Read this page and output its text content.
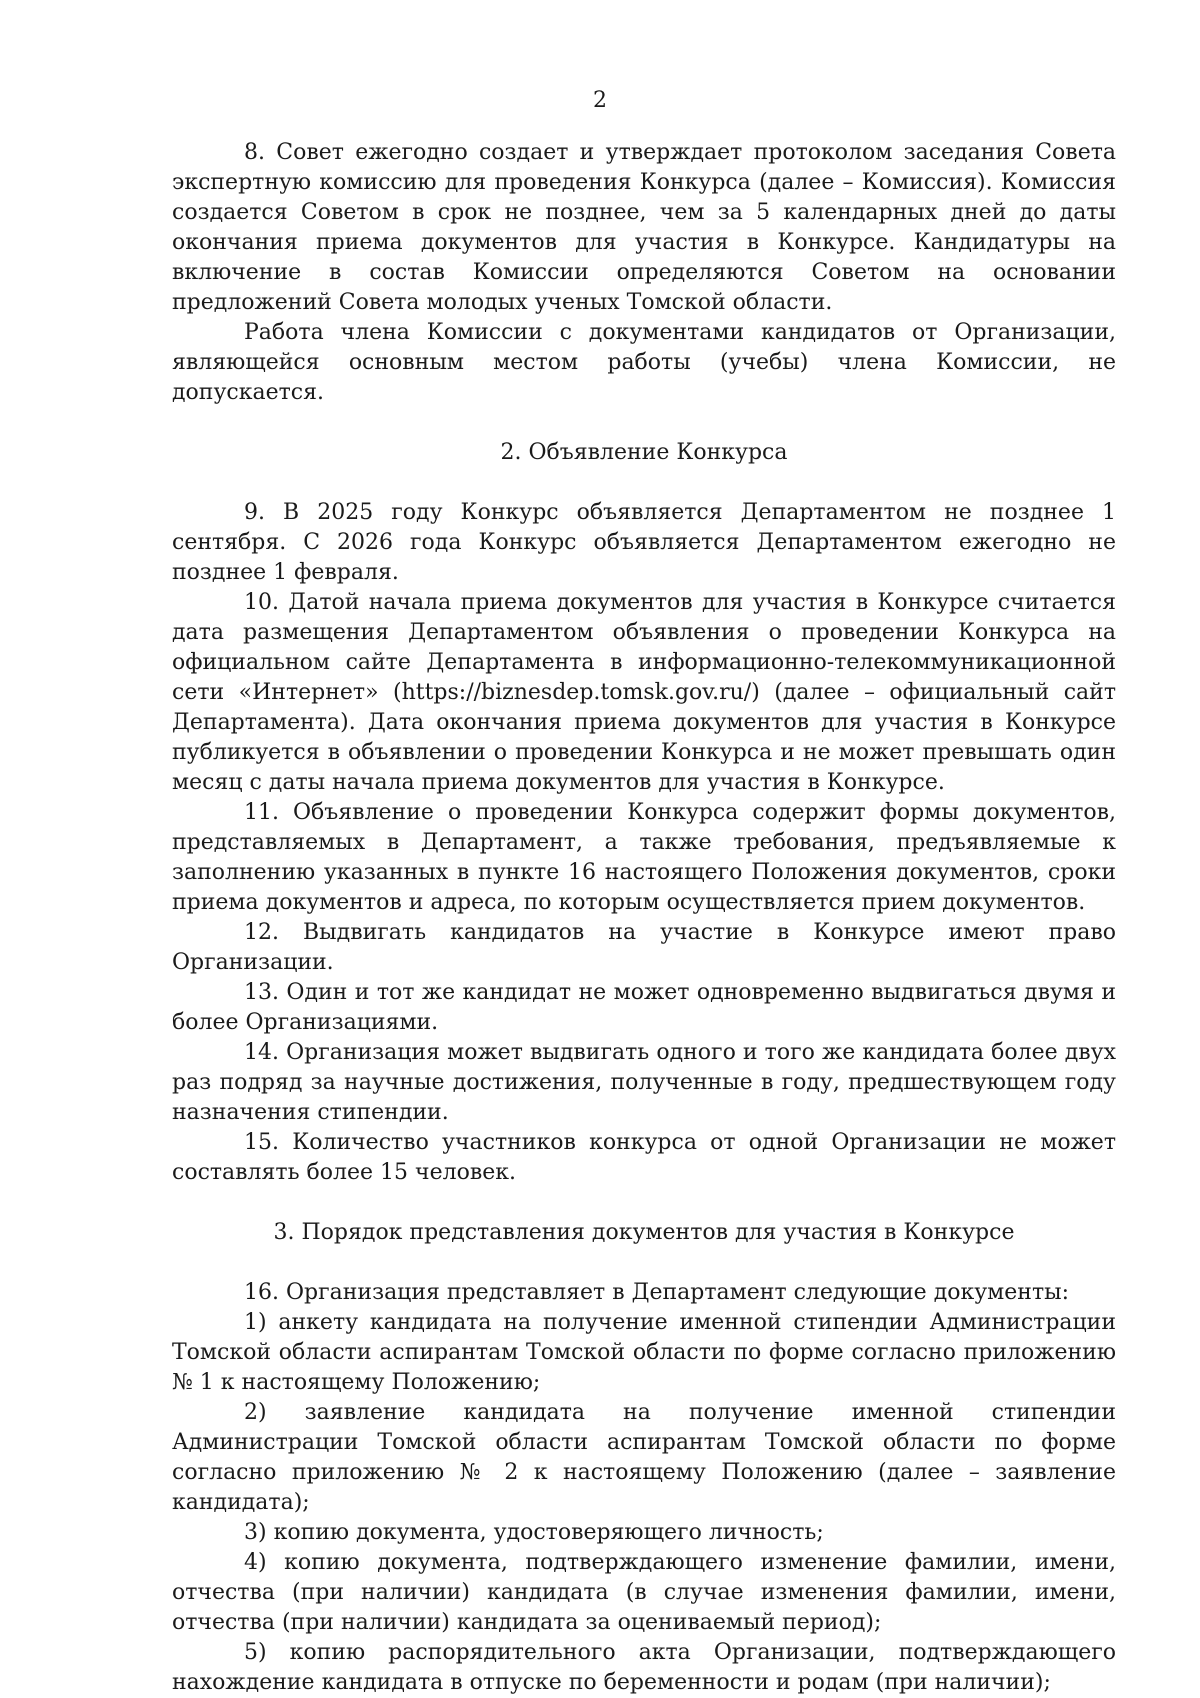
2

8. Совет ежегодно создает и утверждает протоколом заседания Совета экспертную комиссию для проведения Конкурса (далее – Комиссия). Комиссия создается Советом в срок не позднее, чем за 5 календарных дней до даты окончания приема документов для участия в Конкурсе. Кандидатуры на включение в состав Комиссии определяются Советом на основании предложений Совета молодых ученых Томской области.

Работа члена Комиссии с документами кандидатов от Организации, являющейся основным местом работы (учебы) члена Комиссии, не допускается.

2. Объявление Конкурса

9. В 2025 году Конкурс объявляется Департаментом не позднее 1 сентября. С 2026 года Конкурс объявляется Департаментом ежегодно не позднее 1 февраля.

10. Датой начала приема документов для участия в Конкурсе считается дата размещения Департаментом объявления о проведении Конкурса на официальном сайте Департамента в информационно-телекоммуникационной сети «Интернет» (https://biznesdep.tomsk.gov.ru/) (далее – официальный сайт Департамента). Дата окончания приема документов для участия в Конкурсе публикуется в объявлении о проведении Конкурса и не может превышать один месяц с даты начала приема документов для участия в Конкурсе.

11. Объявление о проведении Конкурса содержит формы документов, представляемых в Департамент, а также требования, предъявляемые к заполнению указанных в пункте 16 настоящего Положения документов, сроки приема документов и адреса, по которым осуществляется прием документов.

12. Выдвигать кандидатов на участие в Конкурсе имеют право Организации.

13. Один и тот же кандидат не может одновременно выдвигаться двумя и более Организациями.

14. Организация может выдвигать одного и того же кандидата более двух раз подряд за научные достижения, полученные в году, предшествующем году назначения стипендии.

15. Количество участников конкурса от одной Организации не может составлять более 15 человек.

3. Порядок представления документов для участия в Конкурсе

16. Организация представляет в Департамент следующие документы:

1) анкету кандидата на получение именной стипендии Администрации Томской области аспирантам Томской области по форме согласно приложению № 1 к настоящему Положению;

2) заявление кандидата на получение именной стипендии Администрации Томской области аспирантам Томской области по форме согласно приложению № 2 к настоящему Положению (далее – заявление кандидата);

3) копию документа, удостоверяющего личность;

4) копию документа, подтверждающего изменение фамилии, имени, отчества (при наличии) кандидата (в случае изменения фамилии, имени, отчества (при наличии) кандидата за оцениваемый период);

5) копию распорядительного акта Организации, подтверждающего нахождение кандидата в отпуске по беременности и родам (при наличии);
